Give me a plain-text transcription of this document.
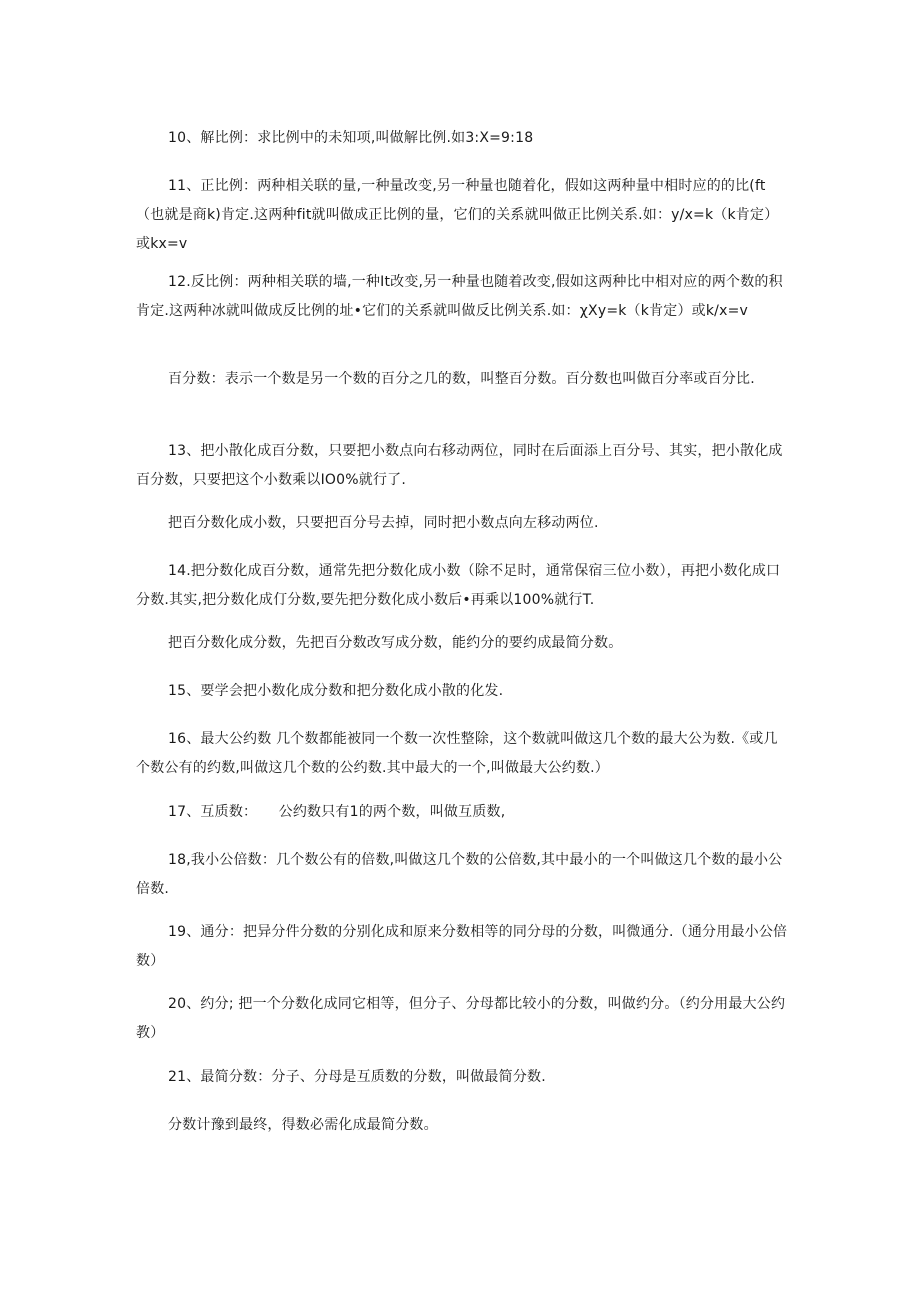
10、解比例：求比例中的未知项,叫做解比例.如3:X=9:18

11、正比例：两种相关联的量,一种量改变,另一种量也随着化，假如这两种量中相时应的的比(ft（也就是商k)肯定.这两种fit就叫做成正比例的量，它们的关系就叫做正比例关系.如：y/x=k（k肯定）或kx=v

12.反比例：两种相关联的墙,一种It改变,另一种量也随着改变,假如这两种比中相对应的两个数的积肯定.这两种冰就叫做成反比例的址•它们的关系就叫做反比例关系.如：χXy=k（k肯定）或k/x=v

百分数：表示一个数是另一个数的百分之几的数，叫整百分数。百分数也叫做百分率或百分比.

13、把小散化成百分数，只要把小数点向右移动两位，同时在后面添上百分号、其实，把小散化成百分数，只要把这个小数乘以IO0%就行了.

把百分数化成小数，只要把百分号去掉，同时把小数点向左移动两位.

14.把分数化成百分数，通常先把分数化成小数（除不足时，通常保宿三位小数），再把小数化成口分数.其实,把分数化成仃分数,要先把分数化成小数后•再乘以100%就行T.

把百分数化成分数，先把百分数改写成分数，能约分的要约成最简分数。

15、要学会把小数化成分数和把分数化成小散的化发.

16、最大公约数 几个数都能被同一个数一次性整除，这个数就叫做这几个数的最大公为数.《或几个数公有的约数,叫做这几个数的公约数.其中最大的一个,叫做最大公约数.）

17、互质数：　　公约数只有1的两个数，叫做互质数,

18,我小公倍数：几个数公有的倍数,叫做这几个数的公倍数,其中最小的一个叫做这几个数的最小公倍数.

19、通分：把异分件分数的分别化成和原来分数相等的同分母的分数，叫微通分.（通分用最小公倍数）

20、约分; 把一个分数化成同它相等，但分子、分母都比较小的分数，叫做约分。（约分用最大公约教）

21、最简分数：分子、分母是互质数的分数，叫做最简分数.

分数计豫到最终，得数必需化成最简分数。
